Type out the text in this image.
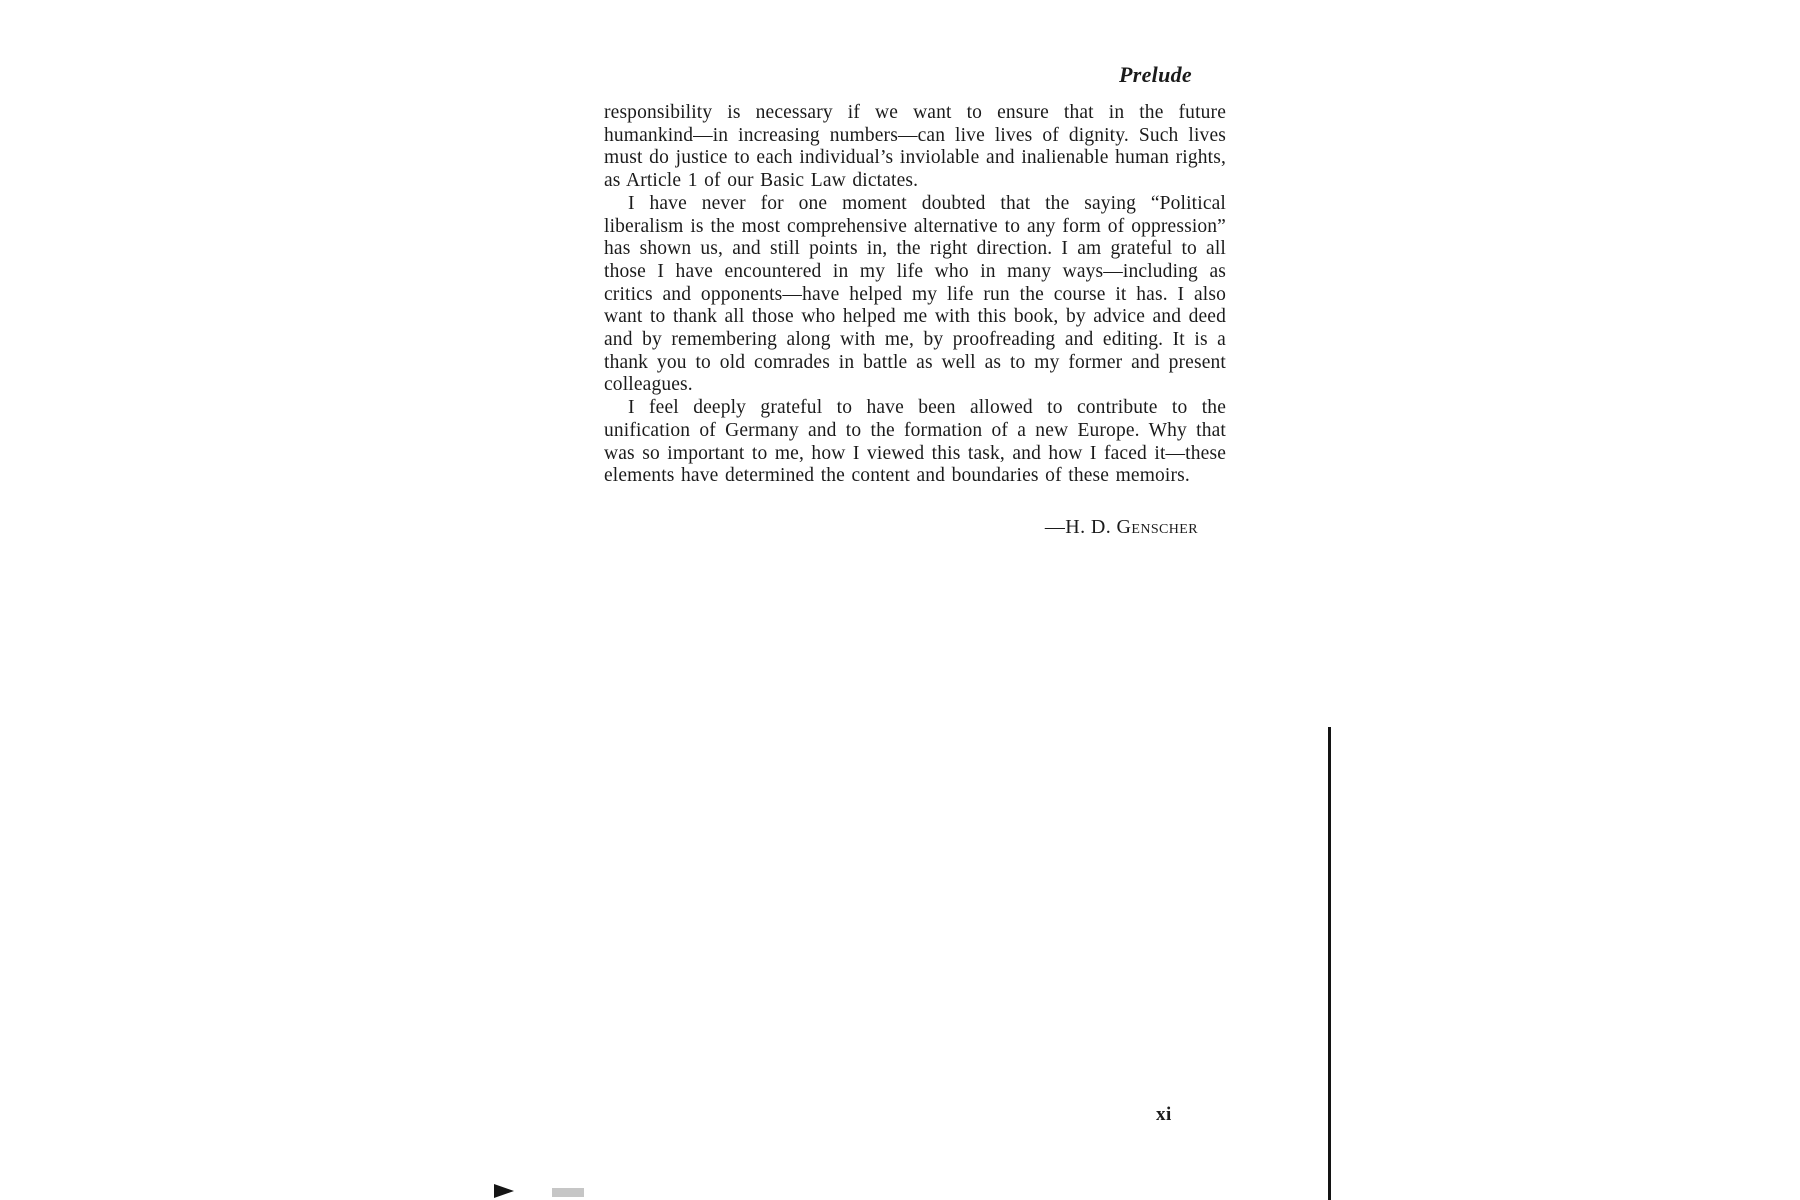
Prelude

responsibility is necessary if we want to ensure that in the future humankind—in increasing numbers—can live lives of dignity. Such lives must do justice to each individual’s inviolable and inalienable human rights, as Article 1 of our Basic Law dictates.

I have never for one moment doubted that the saying “Political liberalism is the most comprehensive alternative to any form of oppression” has shown us, and still points in, the right direction. I am grateful to all those I have encountered in my life who in many ways—including as critics and opponents—have helped my life run the course it has. I also want to thank all those who helped me with this book, by advice and deed and by remembering along with me, by proofreading and editing. It is a thank you to old comrades in battle as well as to my former and present colleagues.

I feel deeply grateful to have been allowed to contribute to the unification of Germany and to the formation of a new Europe. Why that was so important to me, how I viewed this task, and how I faced it—these elements have determined the content and boundaries of these memoirs.

—H. D. Genscher
xi
